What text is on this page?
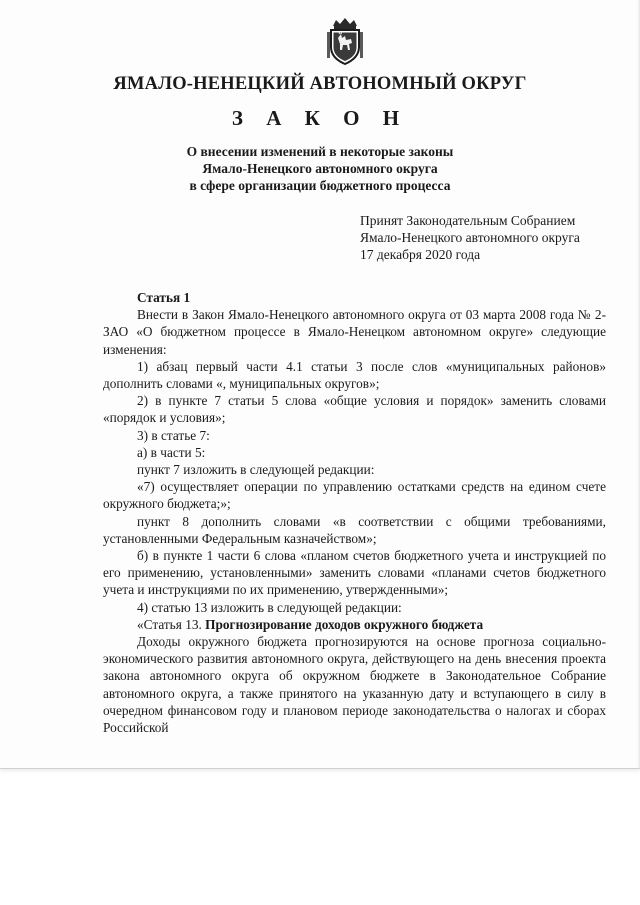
ЯМАЛО-НЕНЕЦКИЙ АВТОНОМНЫЙ ОКРУГ
З А К О Н
О внесении изменений в некоторые законы
Ямало-Ненецкого автономного округа
в сфере организации бюджетного процесса
Принят Законодательным Собранием
Ямало-Ненецкого автономного округа
17 декабря 2020 года
Статья 1

Внести в Закон Ямало-Ненецкого автономного округа от 03 марта 2008 года № 2-ЗАО «О бюджетном процессе в Ямало-Ненецком автономном округе» следующие изменения:

1) абзац первый части 4.1 статьи 3 после слов «муниципальных районов» дополнить словами «, муниципальных округов»;

2) в пункте 7 статьи 5 слова «общие условия и порядок» заменить словами «порядок и условия»;

3) в статье 7:

а) в части 5:

пункт 7 изложить в следующей редакции:

«7) осуществляет операции по управлению остатками средств на едином счете окружного бюджета;»;

пункт 8 дополнить словами «в соответствии с общими требованиями, установленными Федеральным казначейством»;

б) в пункте 1 части 6 слова «планом счетов бюджетного учета и инструкцией по его применению, установленными» заменить словами «планами счетов бюджетного учета и инструкциями по их применению, утвержденными»;

4) статью 13 изложить в следующей редакции:

«Статья 13. Прогнозирование доходов окружного бюджета

Доходы окружного бюджета прогнозируются на основе прогноза социально-экономического развития автономного округа, действующего на день внесения проекта закона автономного округа об окружном бюджете в Законодательное Собрание автономного округа, а также принятого на указанную дату и вступающего в силу в очередном финансовом году и плановом периоде законодательства о налогах и сборах Российской
